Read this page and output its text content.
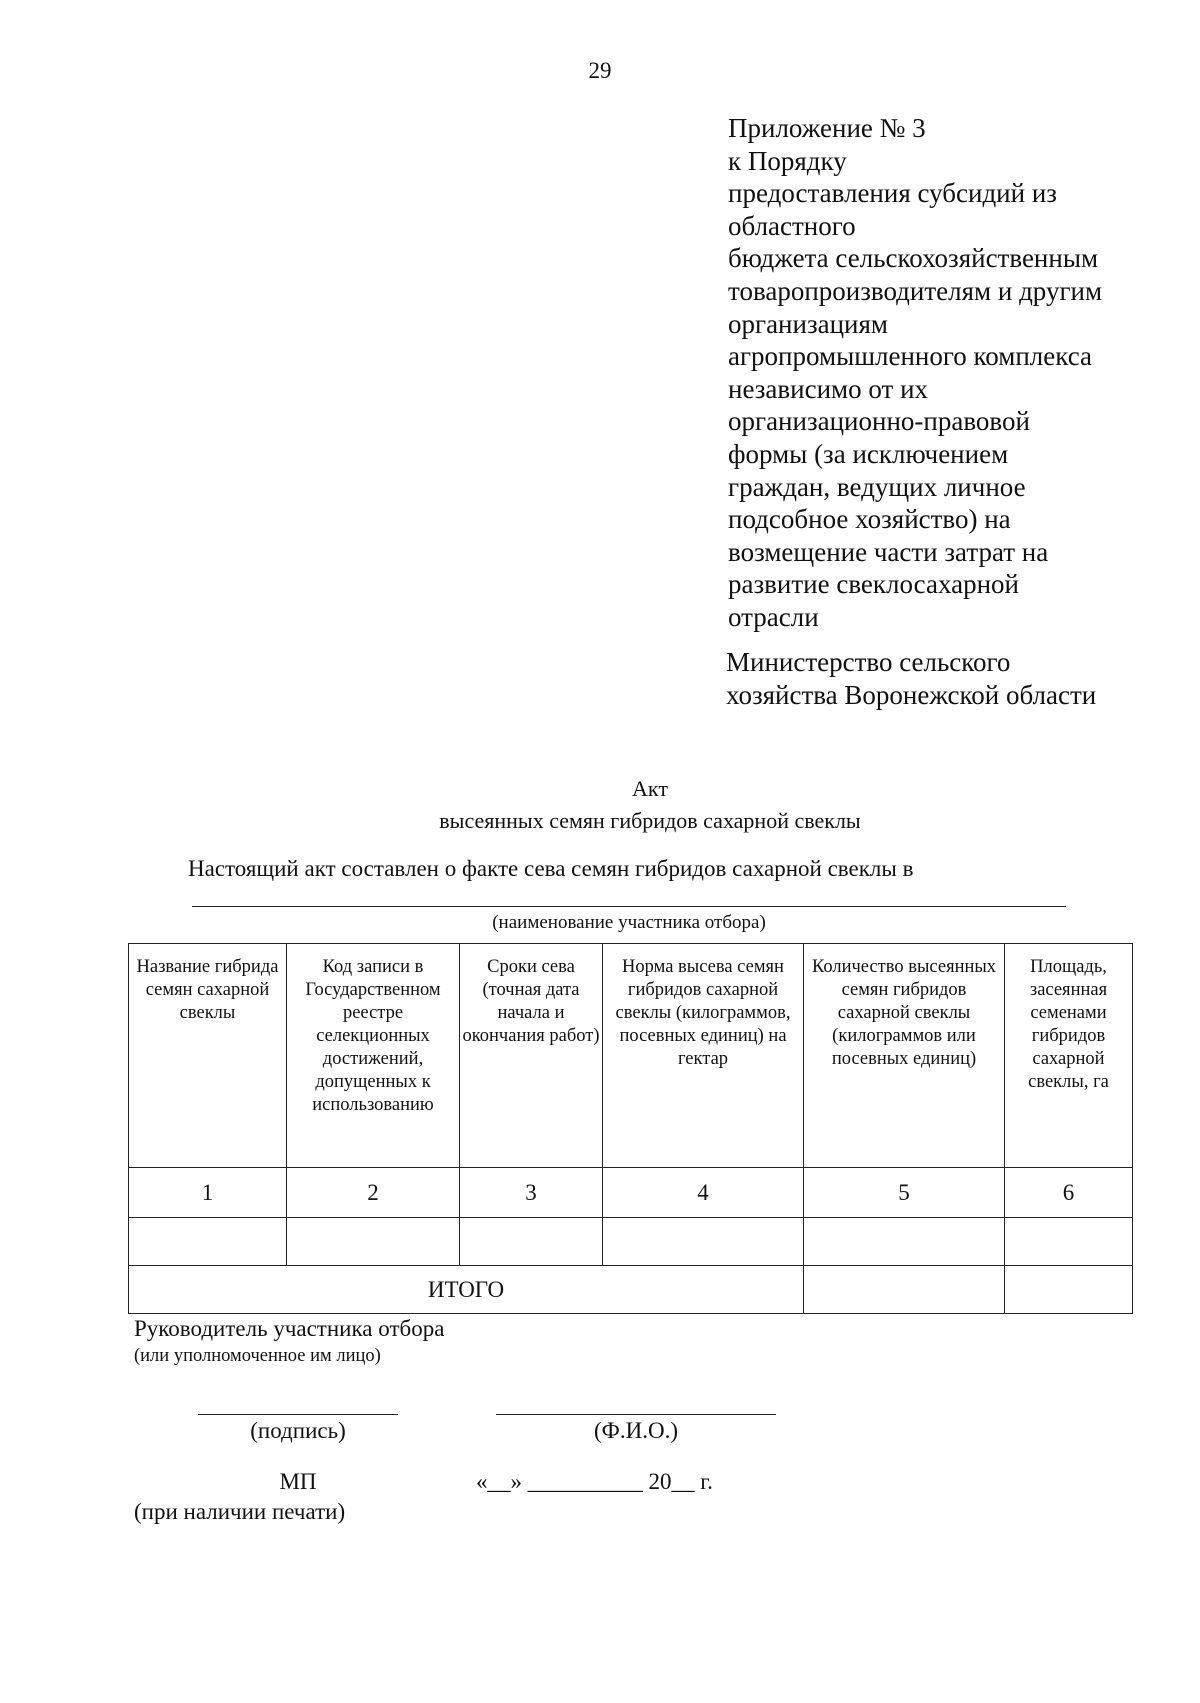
29
Приложение № 3
к Порядку
предоставления субсидий из
областного
бюджета сельскохозяйственным
товаропроизводителям и другим
организациям
агропромышленного комплекса
независимо от их
организационно-правовой
формы (за исключением
граждан, ведущих личное
подсобное хозяйство) на
возмещение части затрат на
развитие свеклосахарной
отрасли
Министерство сельского
хозяйства Воронежской области
Акт
высеянных семян гибридов сахарной свеклы
Настоящий акт составлен о факте сева семян гибридов сахарной свеклы в
(наименование участника отбора)
Название гибрида семян сахарной свеклы	Код записи в Государственном реестре селекционных достижений, допущенных к использованию	Сроки сева (точная дата начала и окончания работ)	Норма высева семян гибридов сахарной свеклы (килограммов, посевных единиц) на гектар	Количество высеянных семян гибридов сахарной свеклы (килограммов или посевных единиц)	Площадь, засеянная семенами гибридов сахарной свеклы, га
1	2	3	4	5	6

ИТОГО					
Руководитель участника отбора
(или уполномоченное им лицо)
(подпись)	(Ф.И.О.)
МП
(при наличии печати)
«__» __________ 20__ г.
